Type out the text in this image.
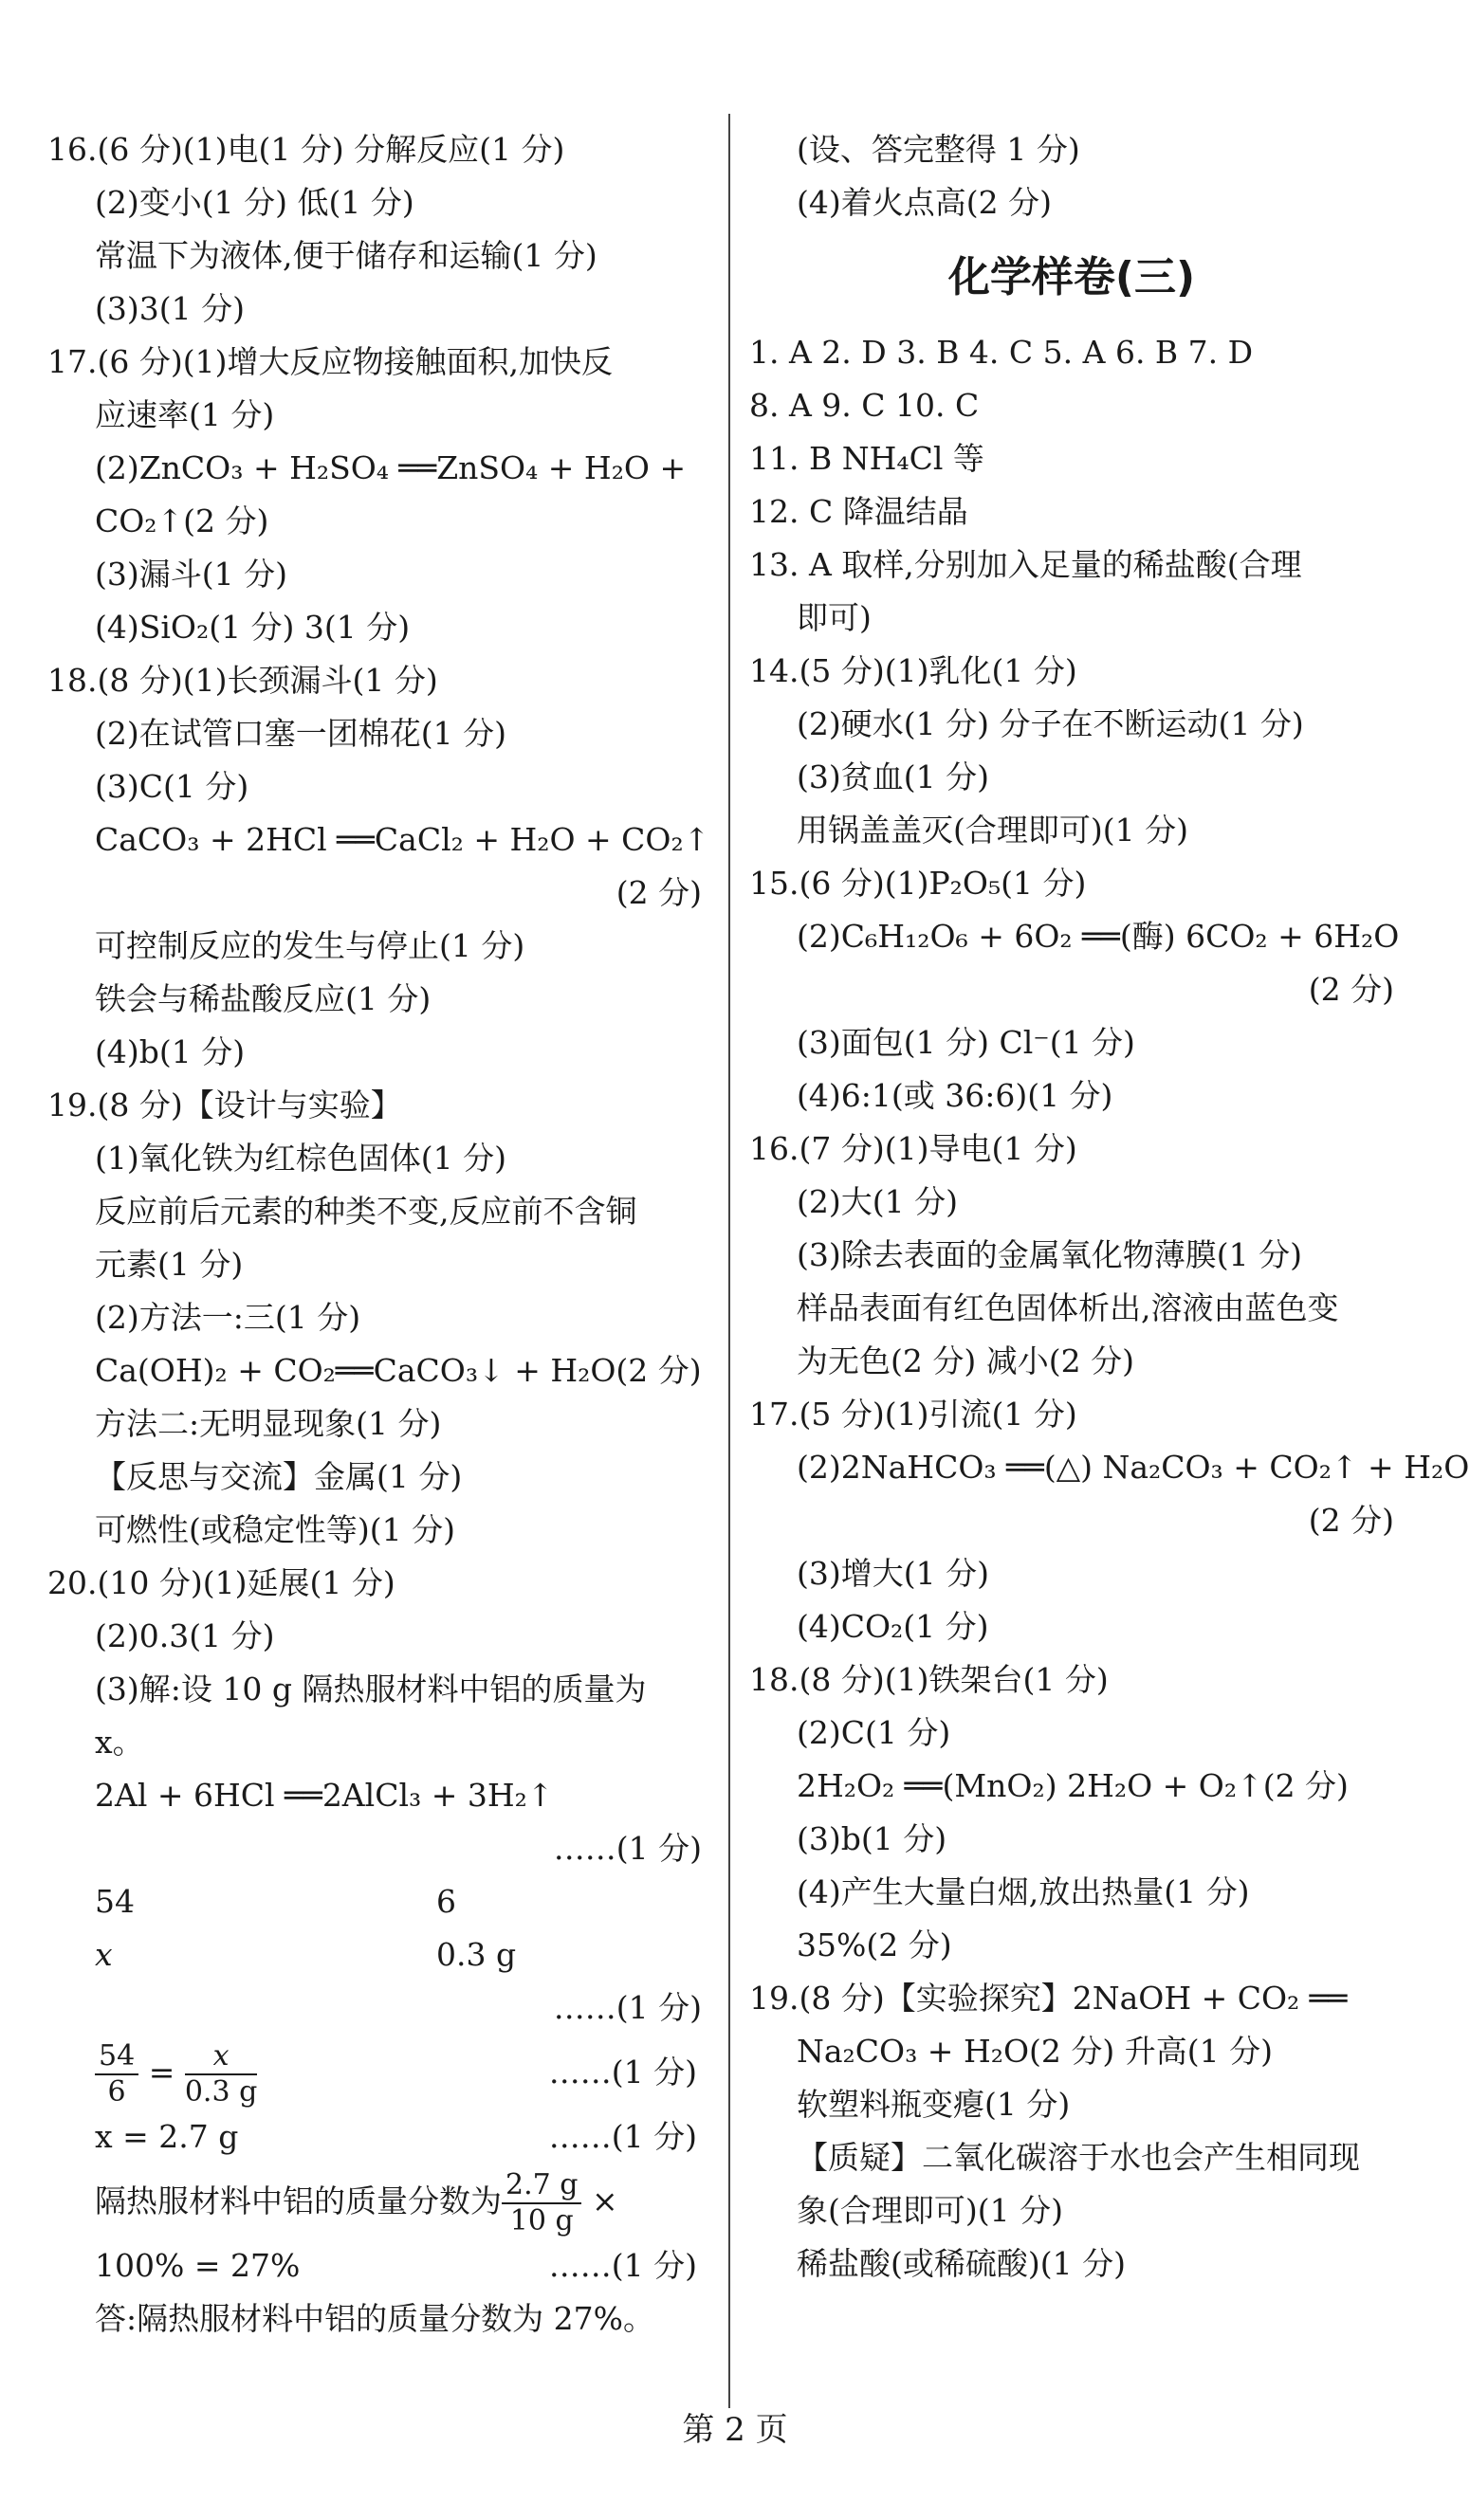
16.(6 分)(1)电(1 分) 分解反应(1 分)
(2)变小(1 分) 低(1 分)
常温下为液体,便于储存和运输(1 分)
(3)3(1 分)
17.(6 分)(1)增大反应物接触面积,加快反
应速率(1 分)
(2)ZnCO₃ + H₂SO₄ ══ZnSO₄ + H₂O +
CO₂↑(2 分)
(3)漏斗(1 分)
(4)SiO₂(1 分) 3(1 分)
18.(8 分)(1)长颈漏斗(1 分)
(2)在试管口塞一团棉花(1 分)
(3)C(1 分)
CaCO₃ + 2HCl ══CaCl₂ + H₂O + CO₂↑
(2 分)
可控制反应的发生与停止(1 分)
铁会与稀盐酸反应(1 分)
(4)b(1 分)
19.(8 分)【设计与实验】
(1)氧化铁为红棕色固体(1 分)
反应前后元素的种类不变,反应前不含铜
元素(1 分)
(2)方法一:三(1 分)
Ca(OH)₂ + CO₂══CaCO₃↓ + H₂O(2 分)
方法二:无明显现象(1 分)
【反思与交流】金属(1 分)
可燃性(或稳定性等)(1 分)
20.(10 分)(1)延展(1 分)
(2)0.3(1 分)
(3)解:设 10 g 隔热服材料中铝的质量为
x。
2Al + 6HCl ══2AlCl₃ + 3H₂↑
……(1 分)
54	6
x	0.3 g
……(1 分)
$\frac{54}{6} = \frac{x}{0.3 g}$	……(1 分)
x = 2.7 g	……(1 分)
隔热服材料中铝的质量分数为 $\frac{2.7 g}{10 g}$ ×
100% = 27%	……(1 分)
答:隔热服材料中铝的质量分数为 27%。
(设、答完整得 1 分)
(4)着火点高(2 分)
化学样卷(三)
1. A 2. D 3. B 4. C 5. A 6. B 7. D
8. A 9. C 10. C
11. B NH₄Cl 等
12. C 降温结晶
13. A 取样,分别加入足量的稀盐酸(合理
即可)
14.(5 分)(1)乳化(1 分)
(2)硬水(1 分) 分子在不断运动(1 分)
(3)贫血(1 分)
用锅盖盖灭(合理即可)(1 分)
15.(6 分)(1)P₂O₅(1 分)
(2)C₆H₁₂O₆ + 6O₂ ══(酶) 6CO₂ + 6H₂O
(2 分)
(3)面包(1 分) Cl⁻(1 分)
(4)6:1(或 36:6)(1 分)
16.(7 分)(1)导电(1 分)
(2)大(1 分)
(3)除去表面的金属氧化物薄膜(1 分)
样品表面有红色固体析出,溶液由蓝色变
为无色(2 分) 减小(2 分)
17.(5 分)(1)引流(1 分)
(2)2NaHCO₃ ══(△) Na₂CO₃ + CO₂↑ + H₂O
(2 分)
(3)增大(1 分)
(4)CO₂(1 分)
18.(8 分)(1)铁架台(1 分)
(2)C(1 分)
2H₂O₂ ══(MnO₂) 2H₂O + O₂↑(2 分)
(3)b(1 分)
(4)产生大量白烟,放出热量(1 分)
35%(2 分)
19.(8 分)【实验探究】2NaOH + CO₂ ══
Na₂CO₃ + H₂O(2 分) 升高(1 分)
软塑料瓶变瘪(1 分)
【质疑】二氧化碳溶于水也会产生相同现
象(合理即可)(1 分)
稀盐酸(或稀硫酸)(1 分)
第 2 页
